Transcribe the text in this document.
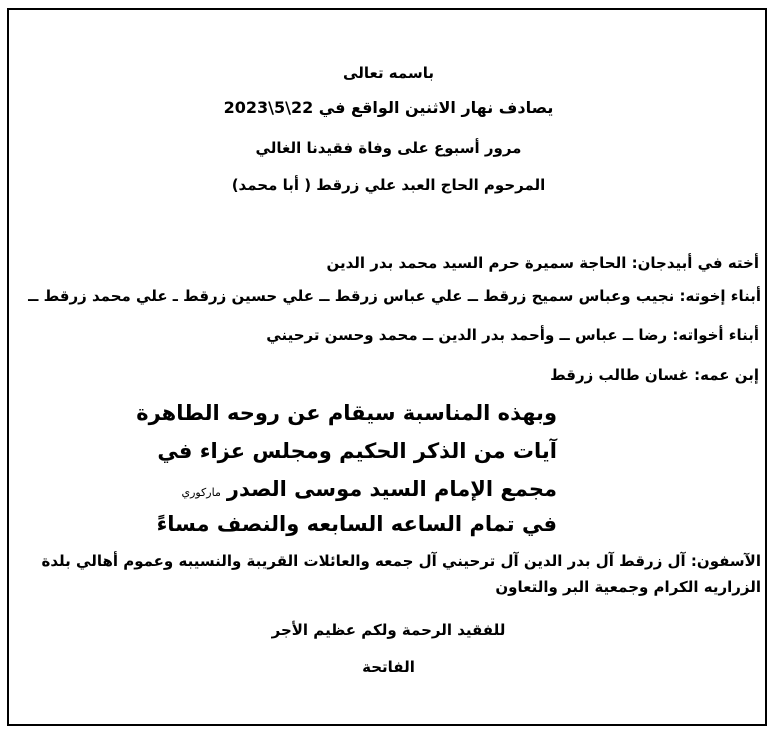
باسمه تعالى
يصادف نهار الاثنين الواقع في 22\5\2023
مرور أسبوع على وفاة فقيدنا الغالي
المرحوم الحاج العبد علي زرقط ( أبا محمد)
أخته في أبيدجان: الحاجة سميرة حرم السيد محمد بدر الدين
أبناء إخوته: نجيب وعباس سميح زرقط ــ علي عباس زرقط ــ علي حسين زرقط ـ علي محمد زرقط ــ
أبناء أخواته: رضا ــ عباس ــ وأحمد بدر الدين ــ محمد وحسن ترحيني
إبن عمه: غسان طالب زرقط
وبهذه المناسبة سيقام عن روحه الطاهرة
آيات من الذكر الحكيم ومجلس عزاء في
مجمع الإمام السيد موسى الصدرماركوري
في تمام الساعه السابعه والنصف مساءً
الآسفون: آل زرقط آل بدر الدين آل ترحيني آل جمعه والعائلات القريبة والنسيبه وعموم أهالي بلدة الزراريه الكرام وجمعية البر والتعاون
للفقيد الرحمة ولكم عظيم الأجر
الفاتحة
